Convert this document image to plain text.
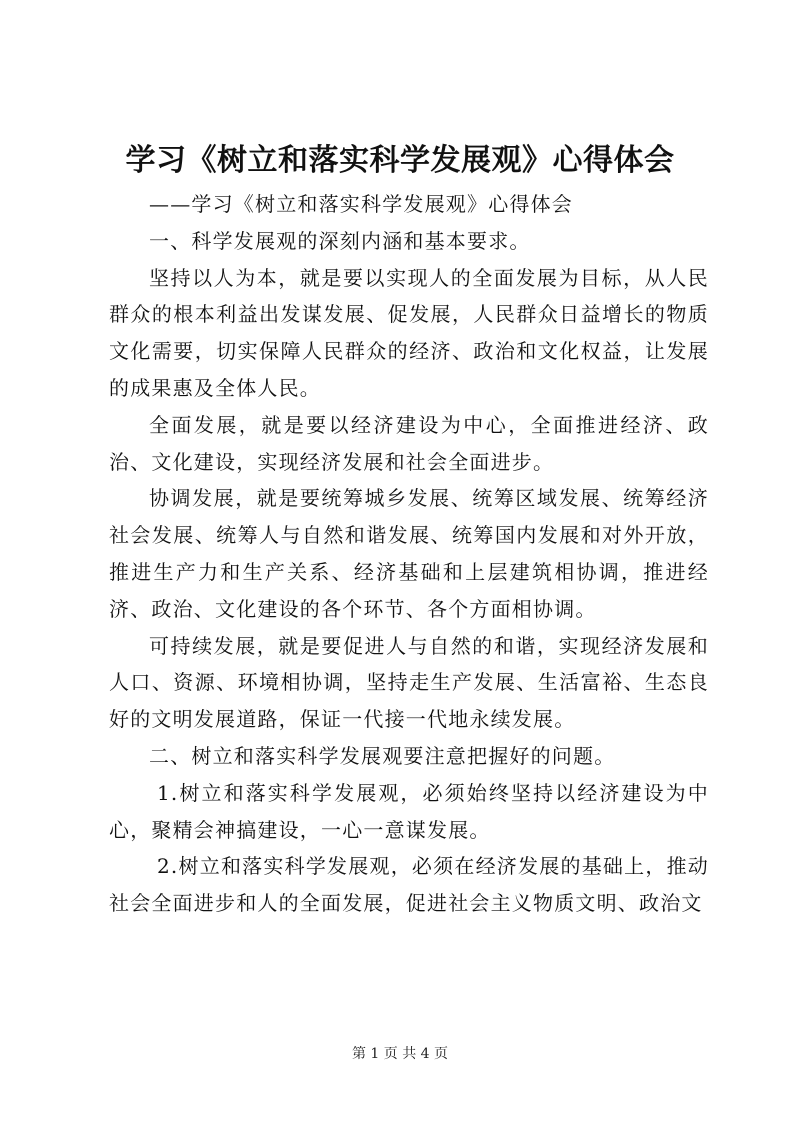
学习《树立和落实科学发展观》心得体会

——学习《树立和落实科学发展观》心得体会

一、科学发展观的深刻内涵和基本要求。

坚持以人为本，就是要以实现人的全面发展为目标，从人民群众的根本利益出发谋发展、促发展，人民群众日益增长的物质文化需要，切实保障人民群众的经济、政治和文化权益，让发展的成果惠及全体人民。

全面发展，就是要以经济建设为中心，全面推进经济、政治、文化建设，实现经济发展和社会全面进步。

协调发展，就是要统筹城乡发展、统筹区域发展、统筹经济社会发展、统筹人与自然和谐发展、统筹国内发展和对外开放，推进生产力和生产关系、经济基础和上层建筑相协调，推进经济、政治、文化建设的各个环节、各个方面相协调。

可持续发展，就是要促进人与自然的和谐，实现经济发展和人口、资源、环境相协调，坚持走生产发展、生活富裕、生态良好的文明发展道路，保证一代接一代地永续发展。

二、树立和落实科学发展观要注意把握好的问题。

1.树立和落实科学发展观，必须始终坚持以经济建设为中心，聚精会神搞建设，一心一意谋发展。

2.树立和落实科学发展观，必须在经济发展的基础上，推动社会全面进步和人的全面发展，促进社会主义物质文明、政治文

第 1 页 共 4 页
